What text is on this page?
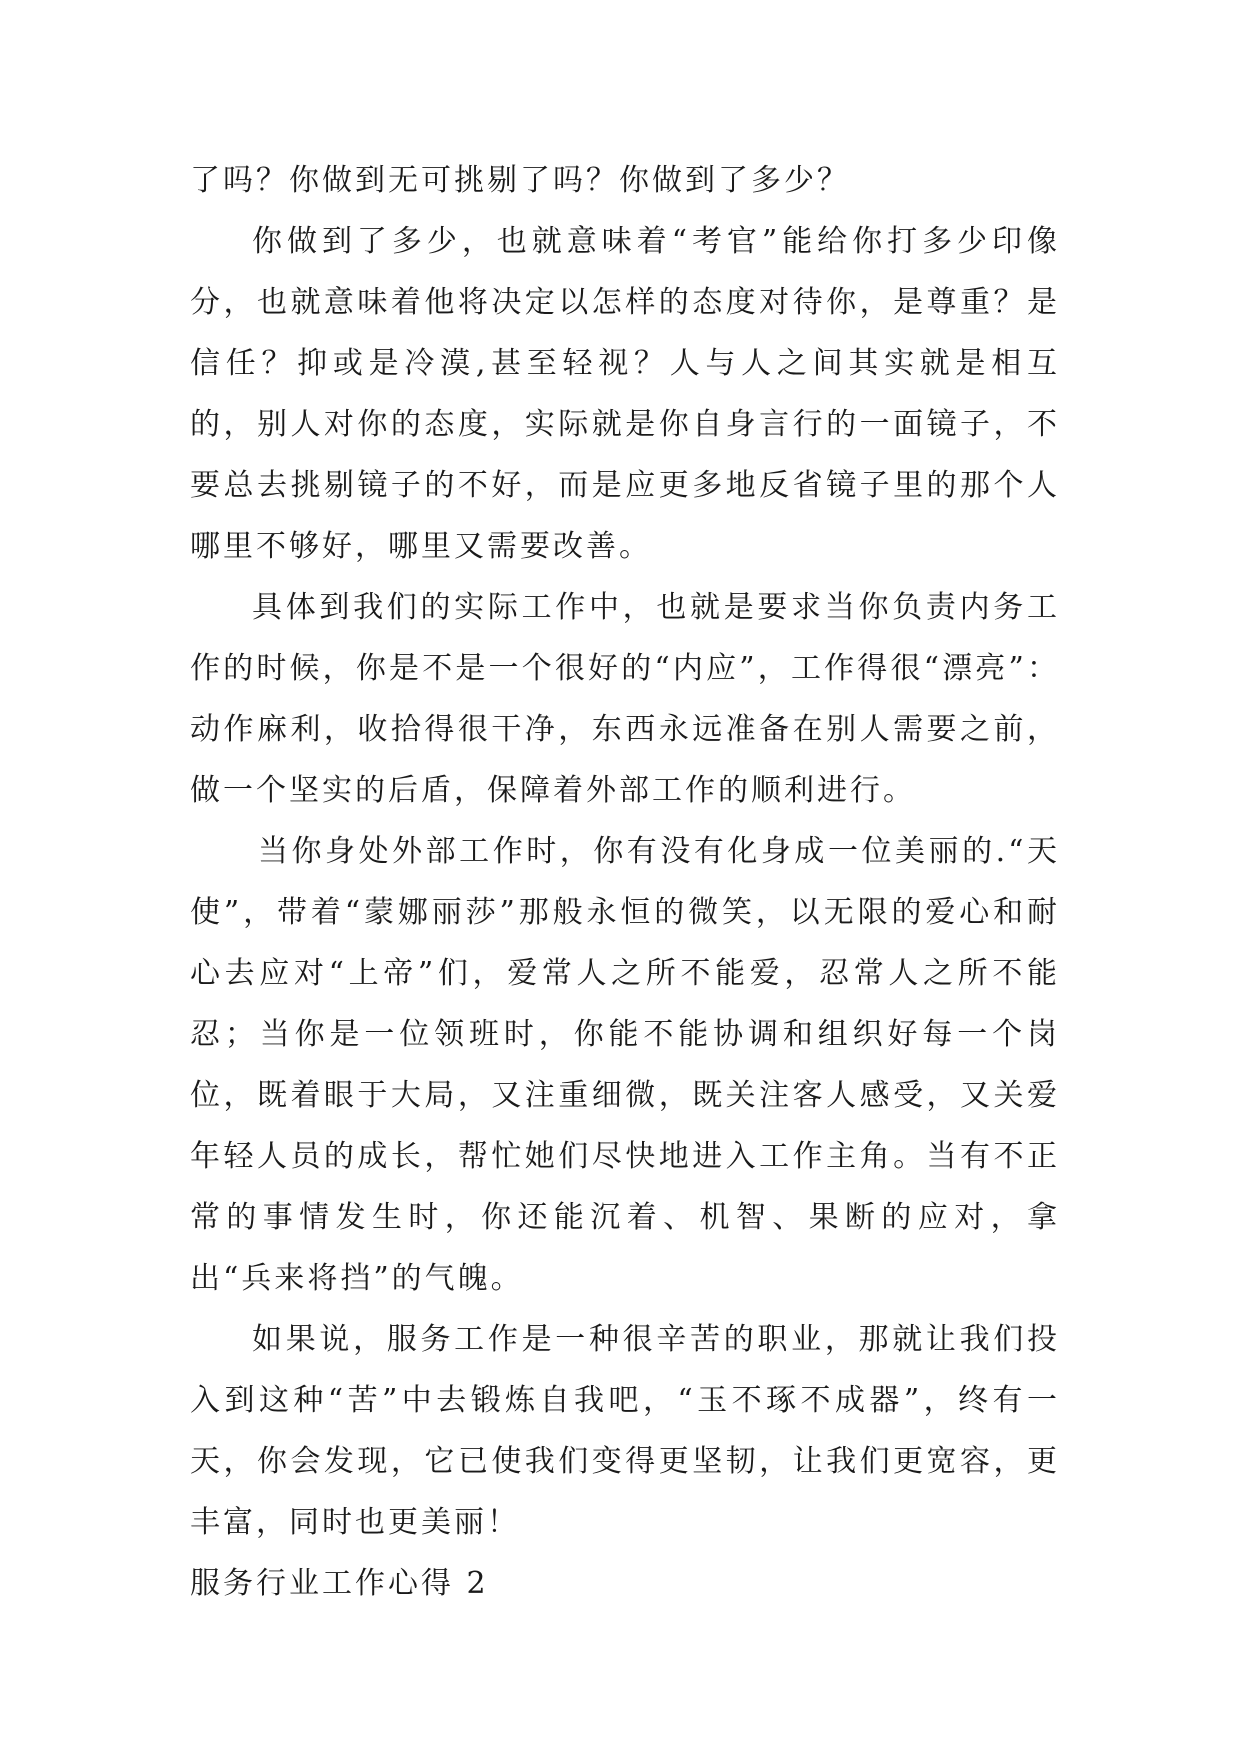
了吗？你做到无可挑剔了吗？你做到了多少？

你做到了多少，也就意味着“考官”能给你打多少印像分，也就意味着他将决定以怎样的态度对待你，是尊重？是信任？抑或是冷漠,甚至轻视？人与人之间其实就是相互的，别人对你的态度，实际就是你自身言行的一面镜子，不要总去挑剔镜子的不好，而是应更多地反省镜子里的那个人哪里不够好，哪里又需要改善。

具体到我们的实际工作中，也就是要求当你负责内务工作的时候，你是不是一个很好的“内应”，工作得很“漂亮”：动作麻利，收拾得很干净，东西永远准备在别人需要之前，做一个坚实的后盾，保障着外部工作的顺利进行。

当你身处外部工作时，你有没有化身成一位美丽的.“天使”，带着“蒙娜丽莎”那般永恒的微笑，以无限的爱心和耐心去应对“上帝”们，爱常人之所不能爱，忍常人之所不能忍；当你是一位领班时，你能不能协调和组织好每一个岗位，既着眼于大局，又注重细微，既关注客人感受，又关爱年轻人员的成长，帮忙她们尽快地进入工作主角。当有不正常的事情发生时，你还能沉着、机智、果断的应对，拿出“兵来将挡”的气魄。

如果说，服务工作是一种很辛苦的职业，那就让我们投入到这种“苦”中去锻炼自我吧，“玉不琢不成器”，终有一天，你会发现，它已使我们变得更坚韧，让我们更宽容，更丰富，同时也更美丽！

服务行业工作心得 2
